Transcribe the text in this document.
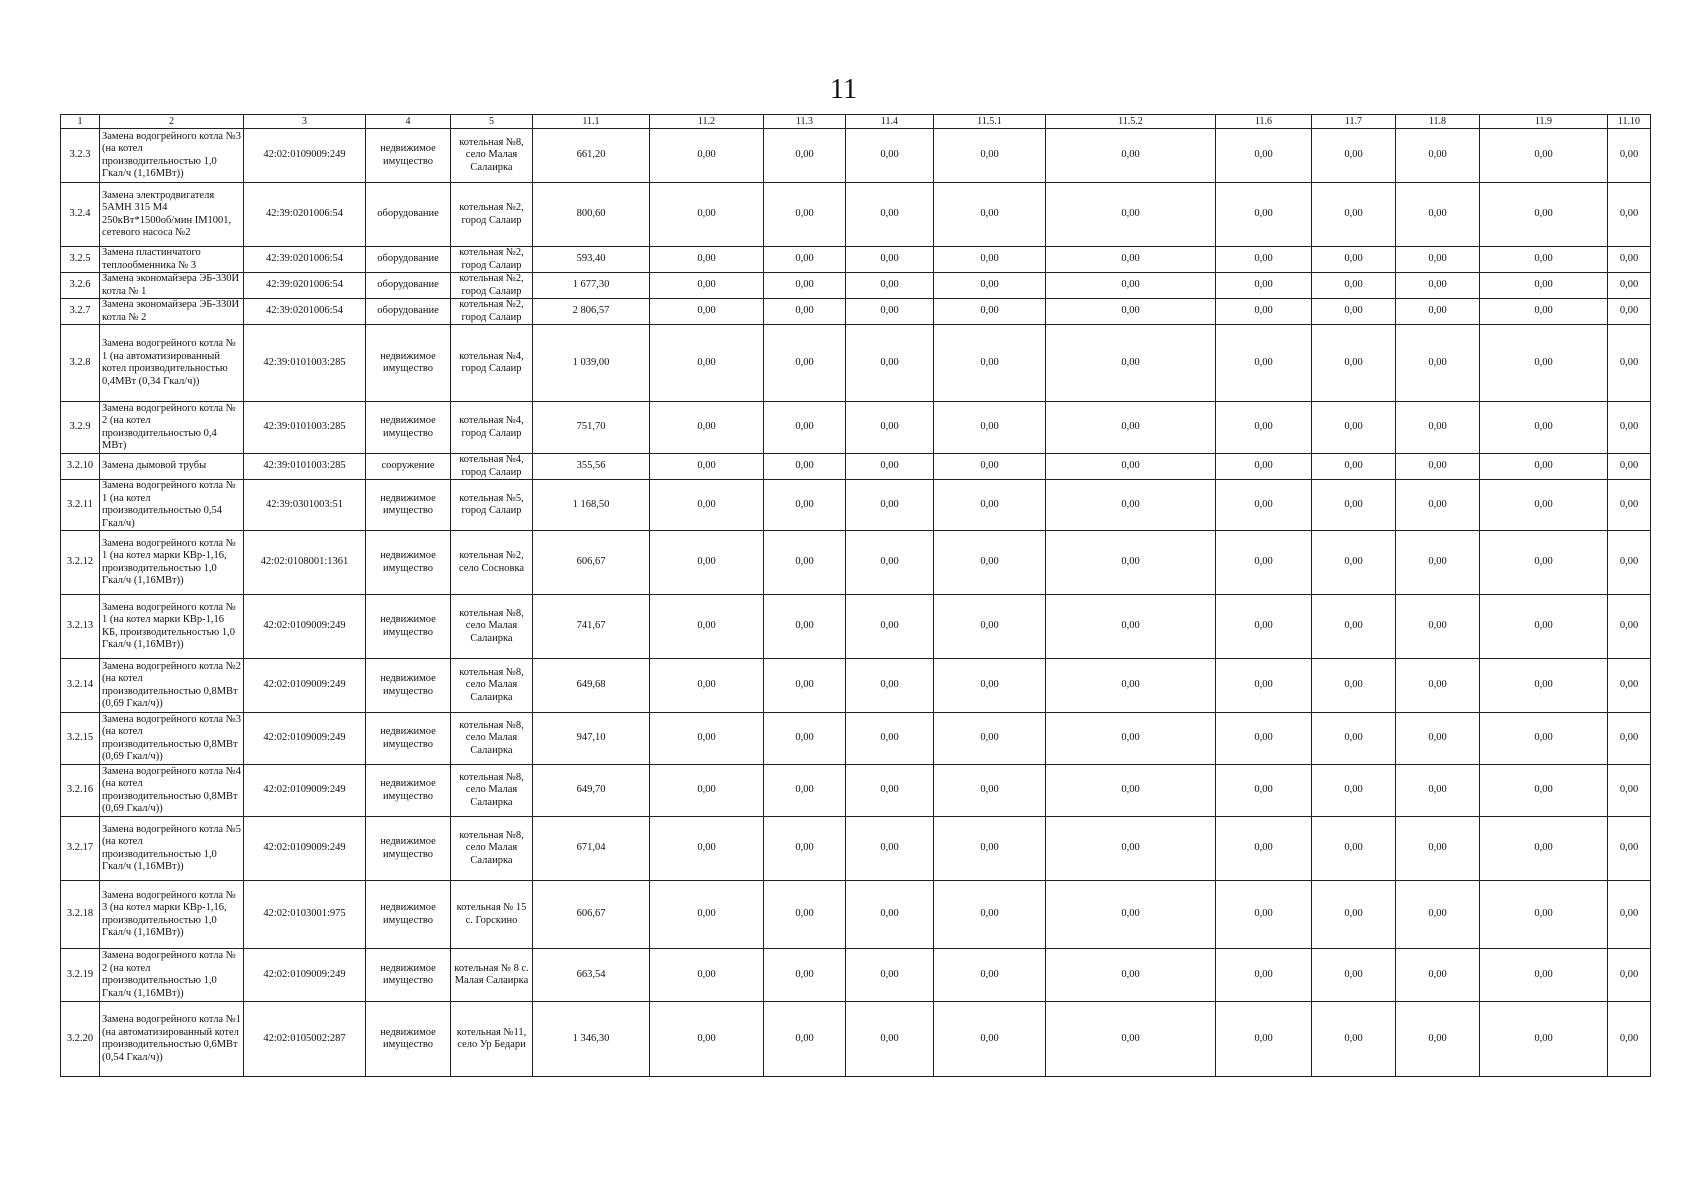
11
1	2	3	4	5	11.1	11.2	11.3	11.4	11.5.1	11.5.2	11.6	11.7	11.8	11.9	11.10
3.2.3	Замена водогрейного котла №3 (на котел производительностью 1,0 Гкал/ч (1,16МВт))	42:02:0109009:249	недвижимое имущество	котельная №8, село Малая Салаирка	661,20	0,00	0,00	0,00	0,00	0,00	0,00	0,00	0,00	0,00	0,00
3.2.4	Замена электродвигателя 5АМН 315 М4 250кВт*1500об/мин IM1001, сетевого насоса №2	42:39:0201006:54	оборудование	котельная №2, город Салаир	800,60	0,00	0,00	0,00	0,00	0,00	0,00	0,00	0,00	0,00	0,00
3.2.5	Замена пластинчатого теплообменника № 3	42:39:0201006:54	оборудование	котельная №2, город Салаир	593,40	0,00	0,00	0,00	0,00	0,00	0,00	0,00	0,00	0,00	0,00
3.2.6	Замена экономайзера ЭБ-330И котла № 1	42:39:0201006:54	оборудование	котельная №2, город Салаир	1 677,30	0,00	0,00	0,00	0,00	0,00	0,00	0,00	0,00	0,00	0,00
3.2.7	Замена экономайзера ЭБ-330И котла № 2	42:39:0201006:54	оборудование	котельная №2, город Салаир	2 806,57	0,00	0,00	0,00	0,00	0,00	0,00	0,00	0,00	0,00	0,00
3.2.8	Замена водогрейного котла № 1 (на автоматизированный котел производительностью 0,4МВт (0,34 Гкал/ч))	42:39:0101003:285	недвижимое имущество	котельная №4, город Салаир	1 039,00	0,00	0,00	0,00	0,00	0,00	0,00	0,00	0,00	0,00	0,00
3.2.9	Замена водогрейного котла № 2 (на котел производительностью 0,4 МВт)	42:39:0101003:285	недвижимое имущество	котельная №4, город Салаир	751,70	0,00	0,00	0,00	0,00	0,00	0,00	0,00	0,00	0,00	0,00
3.2.10	Замена дымовой трубы	42:39:0101003:285	сооружение	котельная №4, город Салаир	355,56	0,00	0,00	0,00	0,00	0,00	0,00	0,00	0,00	0,00	0,00
3.2.11	Замена водогрейного котла № 1 (на котел производительностью 0,54 Гкал/ч)	42:39:0301003:51	недвижимое имущество	котельная №5, город Салаир	1 168,50	0,00	0,00	0,00	0,00	0,00	0,00	0,00	0,00	0,00	0,00
3.2.12	Замена водогрейного котла № 1 (на котел марки КВр-1,16, производительностью 1,0 Гкал/ч (1,16МВт))	42:02:0108001:1361	недвижимое имущество	котельная №2, село Сосновка	606,67	0,00	0,00	0,00	0,00	0,00	0,00	0,00	0,00	0,00	0,00
3.2.13	Замена водогрейного котла № 1 (на котел марки КВр-1,16 КБ, производительностью 1,0 Гкал/ч (1,16МВт))	42:02:0109009:249	недвижимое имущество	котельная №8, село Малая Салаирка	741,67	0,00	0,00	0,00	0,00	0,00	0,00	0,00	0,00	0,00	0,00
3.2.14	Замена водогрейного котла №2 (на котел производительностью 0,8МВт (0,69 Гкал/ч))	42:02:0109009:249	недвижимое имущество	котельная №8, село Малая Салаирка	649,68	0,00	0,00	0,00	0,00	0,00	0,00	0,00	0,00	0,00	0,00
3.2.15	Замена водогрейного котла №3 (на котел производительностью 0,8МВт (0,69 Гкал/ч))	42:02:0109009:249	недвижимое имущество	котельная №8, село Малая Салаирка	947,10	0,00	0,00	0,00	0,00	0,00	0,00	0,00	0,00	0,00	0,00
3.2.16	Замена водогрейного котла №4 (на котел производительностью 0,8МВт (0,69 Гкал/ч))	42:02:0109009:249	недвижимое имущество	котельная №8, село Малая Салаирка	649,70	0,00	0,00	0,00	0,00	0,00	0,00	0,00	0,00	0,00	0,00
3.2.17	Замена водогрейного котла №5 (на котел производительностью 1,0 Гкал/ч (1,16МВт))	42:02:0109009:249	недвижимое имущество	котельная №8, село Малая Салаирка	671,04	0,00	0,00	0,00	0,00	0,00	0,00	0,00	0,00	0,00	0,00
3.2.18	Замена водогрейного котла № 3 (на котел марки КВр-1,16, производительностью 1,0 Гкал/ч (1,16МВт))	42:02:0103001:975	недвижимое имущество	котельная № 15 с. Горскино	606,67	0,00	0,00	0,00	0,00	0,00	0,00	0,00	0,00	0,00	0,00
3.2.19	Замена водогрейного котла № 2 (на котел производительностью 1,0 Гкал/ч (1,16МВт))	42:02:0109009:249	недвижимое имущество	котельная № 8 с. Малая Салаирка	663,54	0,00	0,00	0,00	0,00	0,00	0,00	0,00	0,00	0,00	0,00
3.2.20	Замена водогрейного котла №1 (на автоматизированный котел производительностью 0,6МВт (0,54 Гкал/ч))	42:02:0105002:287	недвижимое имущество	котельная №11, село Ур Бедари	1 346,30	0,00	0,00	0,00	0,00	0,00	0,00	0,00	0,00	0,00	0,00
